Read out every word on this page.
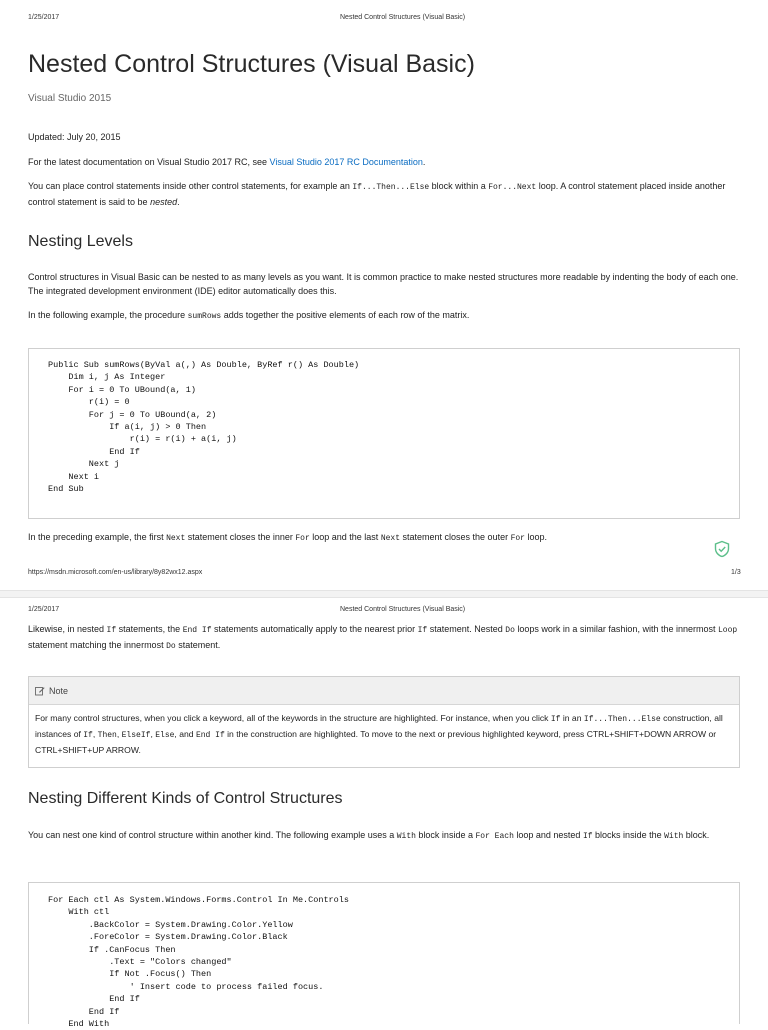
1/25/2017	Nested Control Structures (Visual Basic)
Nested Control Structures (Visual Basic)
Visual Studio 2015

Updated: July 20, 2015

For the latest documentation on Visual Studio 2017 RC, see Visual Studio 2017 RC Documentation.

You can place control statements inside other control statements, for example an If...Then...Else block within a For...Next loop. A control statement placed inside another control statement is said to be nested.

Nesting Levels

Control structures in Visual Basic can be nested to as many levels as you want. It is common practice to make nested structures more readable by indenting the body of each one. The integrated development environment (IDE) editor automatically does this.

In the following example, the procedure sumRows adds together the positive elements of each row of the matrix.

Public Sub sumRows(ByVal a(,) As Double, ByRef r() As Double)
Dim i, j As Integer
For i = 0 To UBound(a, 1)
r(i) = 0
For j = 0 To UBound(a, 2)
If a(i, j) > 0 Then
r(i) = r(i) + a(i, j)
End If
Next j
Next i
End Sub

In the preceding example, the first Next statement closes the inner For loop and the last Next statement closes the outer For loop.

https://msdn.microsoft.com/en-us/library/8y82wx12.aspx	1/3
1/25/2017	Nested Control Structures (Visual Basic)

Likewise, in nested If statements, the End If statements automatically apply to the nearest prior If statement. Nested Do loops work in a similar fashion, with the innermost Loop statement matching the innermost Do statement.

Note
For many control structures, when you click a keyword, all of the keywords in the structure are highlighted. For instance, when you click If in an If...Then...Else construction, all instances of If, Then, ElseIf, Else, and End If in the construction are highlighted. To move to the next or previous highlighted keyword, press CTRL+SHIFT+DOWN ARROW or CTRL+SHIFT+UP ARROW.
Nesting Different Kinds of Control Structures

You can nest one kind of control structure within another kind. The following example uses a With block inside a For Each loop and nested If blocks inside the With block.

For Each ctl As System.Windows.Forms.Control In Me.Controls
With ctl
.BackColor = System.Drawing.Color.Yellow
.ForeColor = System.Drawing.Color.Black
If .CanFocus Then
.Text = "Colors changed"
If Not .Focus() Then
' Insert code to process failed focus.
End If
End If
End With
